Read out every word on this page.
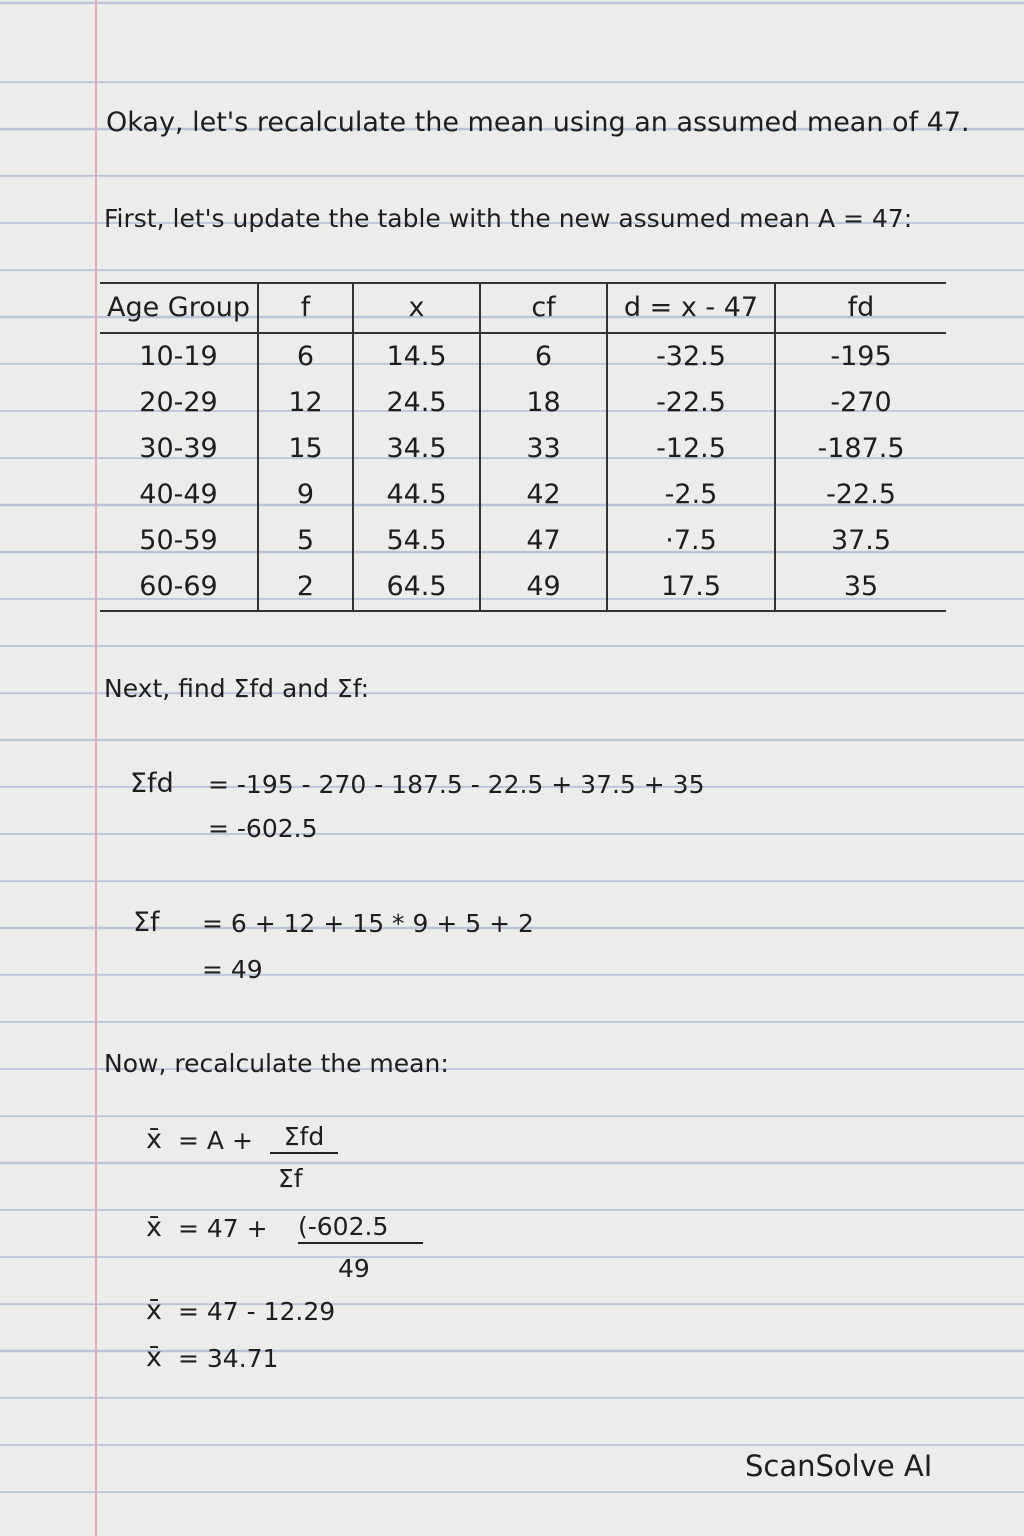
Okay, let's recalculate the mean using an assumed mean of 47.
First, let's update the table with the new assumed mean A = 47:
Age Group	f	x	cf	d = x - 47	fd
10-19	6	14.5	6	-32.5	-195
20-29	12	24.5	18	-22.5	-270
30-39	15	34.5	33	-12.5	-187.5
40-49	9	44.5	42	-2.5	-22.5
50-59	5	54.5	47	·7.5	37.5
60-69	2	64.5	49	17.5	35
Next, find Σfd and Σf:
Σfd = -195 - 270 - 187.5 - 22.5 + 37.5 + 35
= -602.5
Σf = 6 + 12 + 15 * 9 + 5 + 2
= 49
Now, recalculate the mean:
x̄ = A +	Σfd
Σf
x̄ = 47 + (-602.5
49
x̄ = 47 - 12.29
x̄ = 34.71
ScanSolve AI
